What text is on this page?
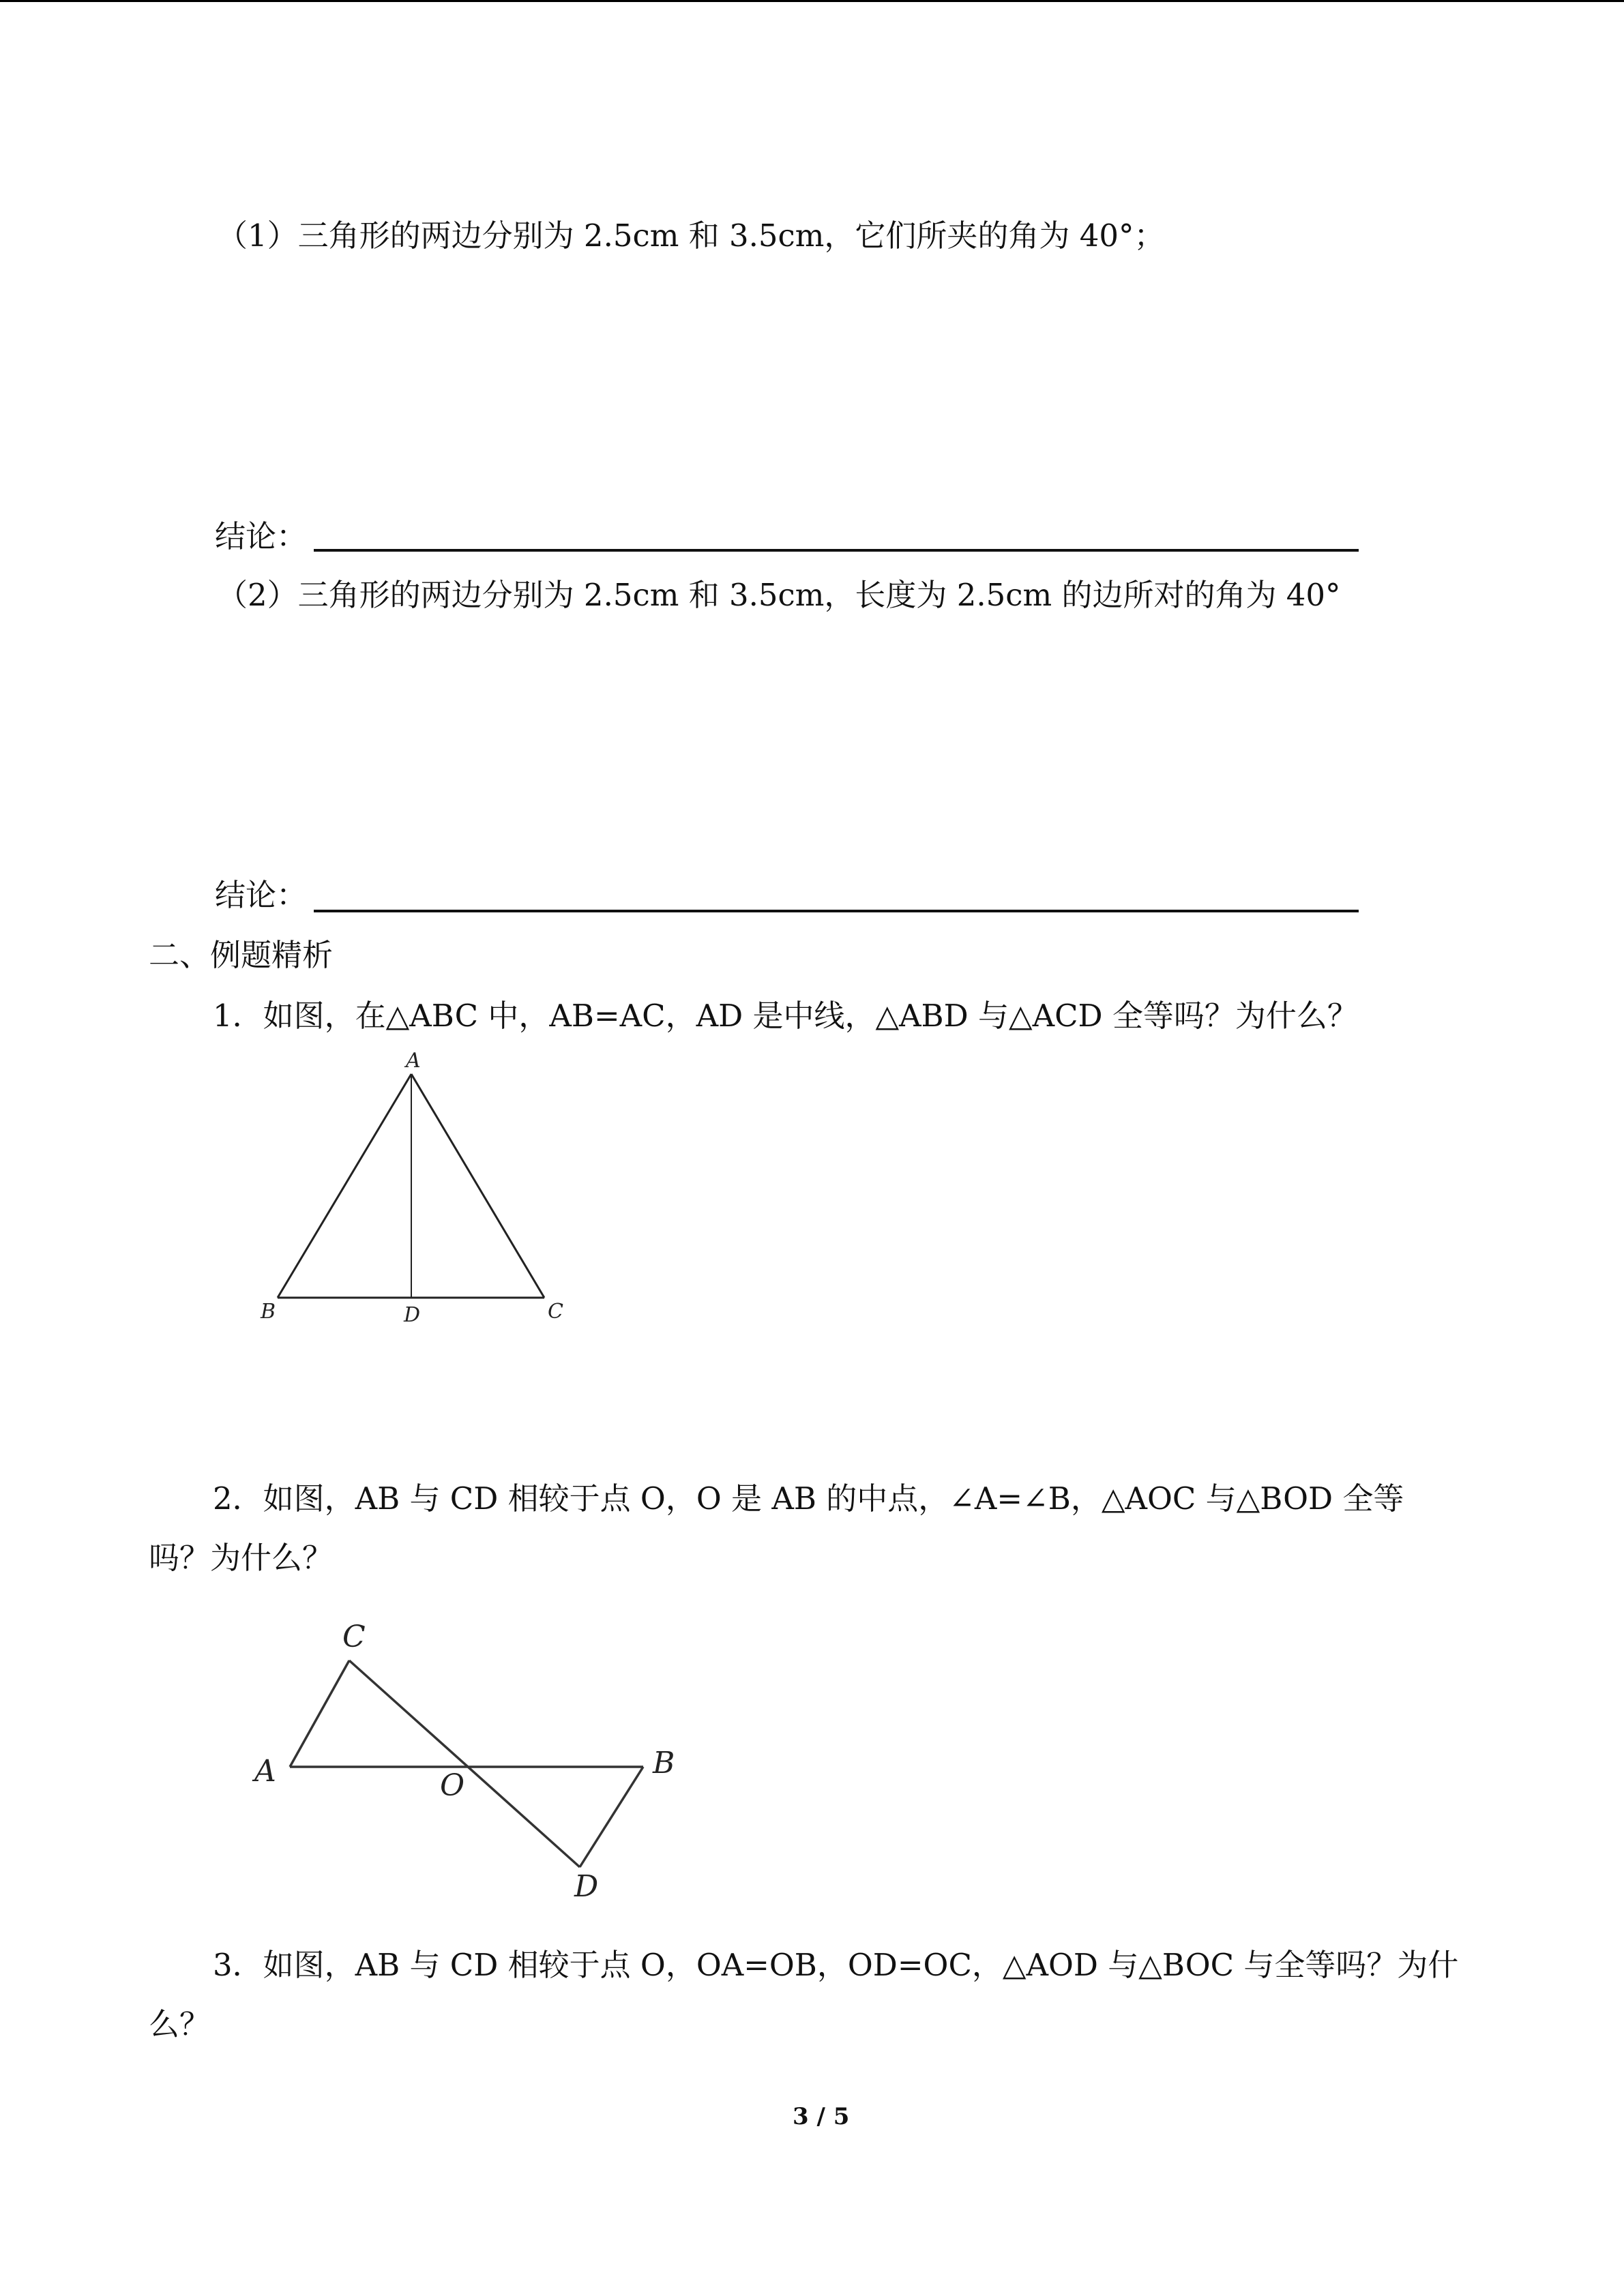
（1）三角形的两边分别为 2.5cm 和 3.5cm，它们所夹的角为 40°；
结论：
（2）三角形的两边分别为 2.5cm 和 3.5cm，长度为 2.5cm 的边所对的角为 40°
结论：
二、例题精析
1．如图，在△ABC 中，AB=AC，AD 是中线，△ABD 与△ACD 全等吗？为什么？
A
B	C
D
2．如图，AB 与 CD 相较于点 O，O 是 AB 的中点，∠A=∠B，△AOC 与△BOD 全等
吗？为什么？
C
A	O
B
D
3．如图，AB 与 CD 相较于点 O，OA=OB，OD=OC，△AOD 与△BOC 与全等吗？为什
么？
3 / 5
